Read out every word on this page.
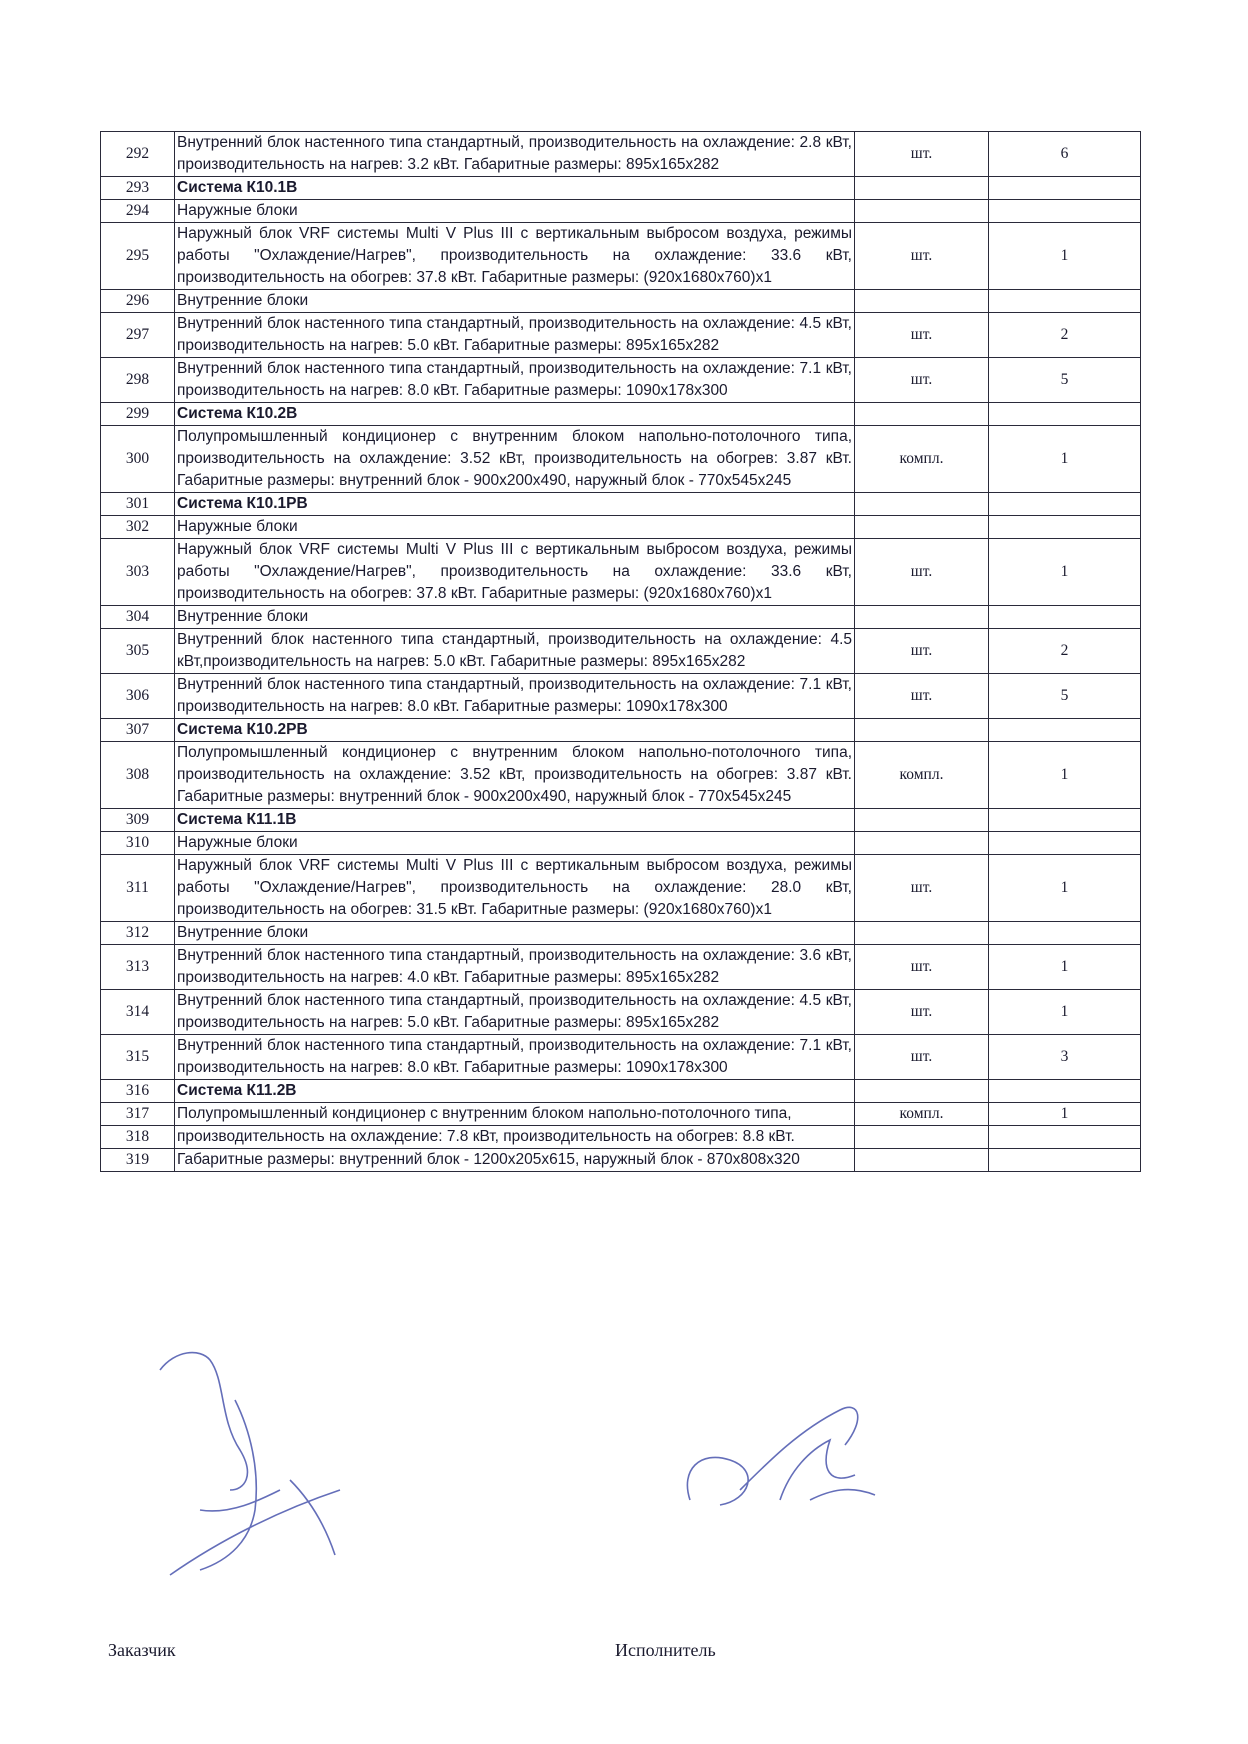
292	Внутренний блок настенного типа стандартный, производительность на охлаждение: 2.8 кВт, производительность на нагрев: 3.2 кВт. Габаритные размеры: 895x165x282	шт.	6
293	Система К10.1В		
294	Наружные блоки		
295	Наружный блок VRF системы Multi V Plus III с вертикальным выбросом воздуха, режимы работы "Охлаждение/Нагрев", производительность на охлаждение: 33.6 кВт, производительность на обогрев: 37.8 кВт. Габаритные размеры: (920x1680x760)x1	шт.	1
296	Внутренние блоки		
297	Внутренний блок настенного типа стандартный, производительность на охлаждение: 4.5 кВт, производительность на нагрев: 5.0 кВт. Габаритные размеры: 895x165x282	шт.	2
298	Внутренний блок настенного типа стандартный, производительность на охлаждение: 7.1 кВт, производительность на нагрев: 8.0 кВт. Габаритные размеры: 1090x178x300	шт.	5
299	Система К10.2В		
300	Полупромышленный кондиционер с внутренним блоком напольно-потолочного типа, производительность на охлаждение: 3.52 кВт, производительность на обогрев: 3.87 кВт. Габаритные размеры: внутренний блок - 900x200x490, наружный блок - 770x545x245	компл.	1
301	Система К10.1РВ		
302	Наружные блоки		
303	Наружный блок VRF системы Multi V Plus III с вертикальным выбросом воздуха, режимы работы "Охлаждение/Нагрев", производительность на охлаждение: 33.6 кВт, производительность на обогрев: 37.8 кВт. Габаритные размеры: (920x1680x760)x1	шт.	1
304	Внутренние блоки		
305	Внутренний блок настенного типа стандартный, производительность на охлаждение: 4.5 кВт,производительность на нагрев: 5.0 кВт. Габаритные размеры: 895x165x282	шт.	2
306	Внутренний блок настенного типа стандартный, производительность на охлаждение: 7.1 кВт, производительность на нагрев: 8.0 кВт. Габаритные размеры: 1090x178x300	шт.	5
307	Система К10.2РВ		
308	Полупромышленный кондиционер с внутренним блоком напольно-потолочного типа, производительность на охлаждение: 3.52 кВт, производительность на обогрев: 3.87 кВт. Габаритные размеры: внутренний блок - 900x200x490, наружный блок - 770x545x245	компл.	1
309	Система К11.1В		
310	Наружные блоки		
311	Наружный блок VRF системы Multi V Plus III с вертикальным выбросом воздуха, режимы работы "Охлаждение/Нагрев", производительность на охлаждение: 28.0 кВт, производительность на обогрев: 31.5 кВт. Габаритные размеры: (920x1680x760)x1	шт.	1
312	Внутренние блоки		
313	Внутренний блок настенного типа стандартный, производительность на охлаждение: 3.6 кВт, производительность на нагрев: 4.0 кВт. Габаритные размеры: 895x165x282	шт.	1
314	Внутренний блок настенного типа стандартный, производительность на охлаждение: 4.5 кВт, производительность на нагрев: 5.0 кВт. Габаритные размеры: 895x165x282	шт.	1
315	Внутренний блок настенного типа стандартный, производительность на охлаждение: 7.1 кВт, производительность на нагрев: 8.0 кВт. Габаритные размеры: 1090x178x300	шт.	3
316	Система К11.2В		
317	Полупромышленный кондиционер с внутренним блоком напольно-потолочного типа,	компл.	1
318	производительность на охлаждение: 7.8 кВт, производительность на обогрев: 8.8 кВт.		
319	Габаритные размеры: внутренний блок - 1200x205x615, наружный блок - 870x808x320		
Заказчик	Исполнитель
